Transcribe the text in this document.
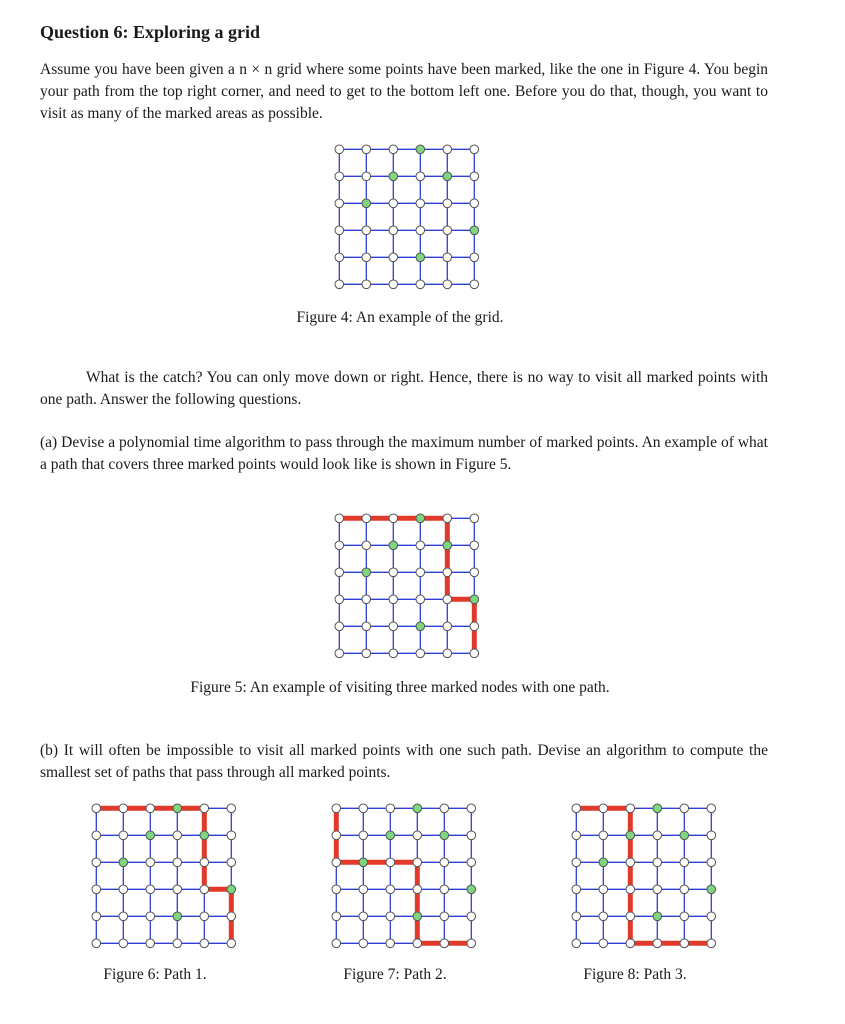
Question 6: Exploring a grid
Assume you have been given a n × n grid where some points have been marked, like the one in Figure 4. You begin your path from the top right corner, and need to get to the bottom left one. Before you do that, though, you want to visit as many of the marked areas as possible.
Figure 4: An example of the grid.
What is the catch? You can only move down or right. Hence, there is no way to visit all marked points with one path. Answer the following questions.
(a) Devise a polynomial time algorithm to pass through the maximum number of marked points. An example of what a path that covers three marked points would look like is shown in Figure 5.
Figure 5: An example of visiting three marked nodes with one path.
(b) It will often be impossible to visit all marked points with one such path. Devise an algorithm to compute the smallest set of paths that pass through all marked points.
Figure 6: Path 1.	Figure 7: Path 2.	Figure 8: Path 3.
